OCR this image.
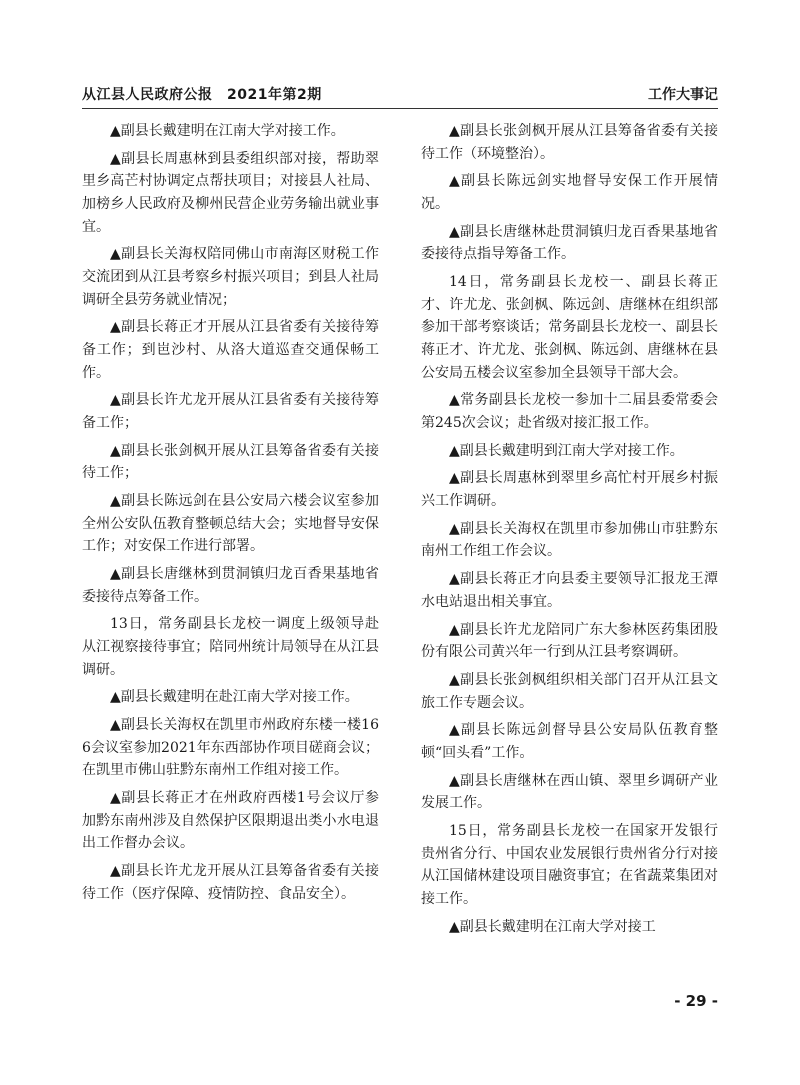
从江县人民政府公报　2021年第2期	工作大事记

▲副县长戴建明在江南大学对接工作。

▲副县长周惠林到县委组织部对接，帮助翠里乡高芒村协调定点帮扶项目；对接县人社局、加榜乡人民政府及柳州民营企业劳务输出就业事宜。

▲副县长关海权陪同佛山市南海区财税工作交流团到从江县考察乡村振兴项目；到县人社局调研全县劳务就业情况；

▲副县长蒋正才开展从江县省委有关接待筹备工作；到岜沙村、从洛大道巡查交通保畅工作。

▲副县长许尤龙开展从江县省委有关接待筹备工作；

▲副县长张剑枫开展从江县筹备省委有关接待工作；

▲副县长陈远剑在县公安局六楼会议室参加全州公安队伍教育整顿总结大会；实地督导安保工作；对安保工作进行部署。

▲副县长唐继林到贯洞镇归龙百香果基地省委接待点筹备工作。

13日，常务副县长龙校一调度上级领导赴从江视察接待事宜；陪同州统计局领导在从江县调研。

▲副县长戴建明在赴江南大学对接工作。

▲副县长关海权在凯里市州政府东楼一楼166会议室参加2021年东西部协作项目磋商会议；在凯里市佛山驻黔东南州工作组对接工作。

▲副县长蒋正才在州政府西楼1号会议厅参加黔东南州涉及自然保护区限期退出类小水电退出工作督办会议。

▲副县长许尤龙开展从江县筹备省委有关接待工作（医疗保障、疫情防控、食品安全）。

▲副县长张剑枫开展从江县筹备省委有关接待工作（环境整治）。

▲副县长陈远剑实地督导安保工作开展情况。

▲副县长唐继林赴贯洞镇归龙百香果基地省委接待点指导筹备工作。

14日，常务副县长龙校一、副县长蒋正才、许尤龙、张剑枫、陈远剑、唐继林在组织部参加干部考察谈话；常务副县长龙校一、副县长蒋正才、许尤龙、张剑枫、陈远剑、唐继林在县公安局五楼会议室参加全县领导干部大会。

▲常务副县长龙校一参加十二届县委常委会第245次会议；赴省级对接汇报工作。

▲副县长戴建明到江南大学对接工作。

▲副县长周惠林到翠里乡高忙村开展乡村振兴工作调研。

▲副县长关海权在凯里市参加佛山市驻黔东南州工作组工作会议。

▲副县长蒋正才向县委主要领导汇报龙王潭水电站退出相关事宜。

▲副县长许尤龙陪同广东大参林医药集团股份有限公司黄兴年一行到从江县考察调研。

▲副县长张剑枫组织相关部门召开从江县文旅工作专题会议。

▲副县长陈远剑督导县公安局队伍教育整顿“回头看”工作。

▲副县长唐继林在西山镇、翠里乡调研产业发展工作。

15日，常务副县长龙校一在国家开发银行贵州省分行、中国农业发展银行贵州省分行对接从江国储林建设项目融资事宜；在省蔬菜集团对接工作。

▲副县长戴建明在江南大学对接工

- 29 -
